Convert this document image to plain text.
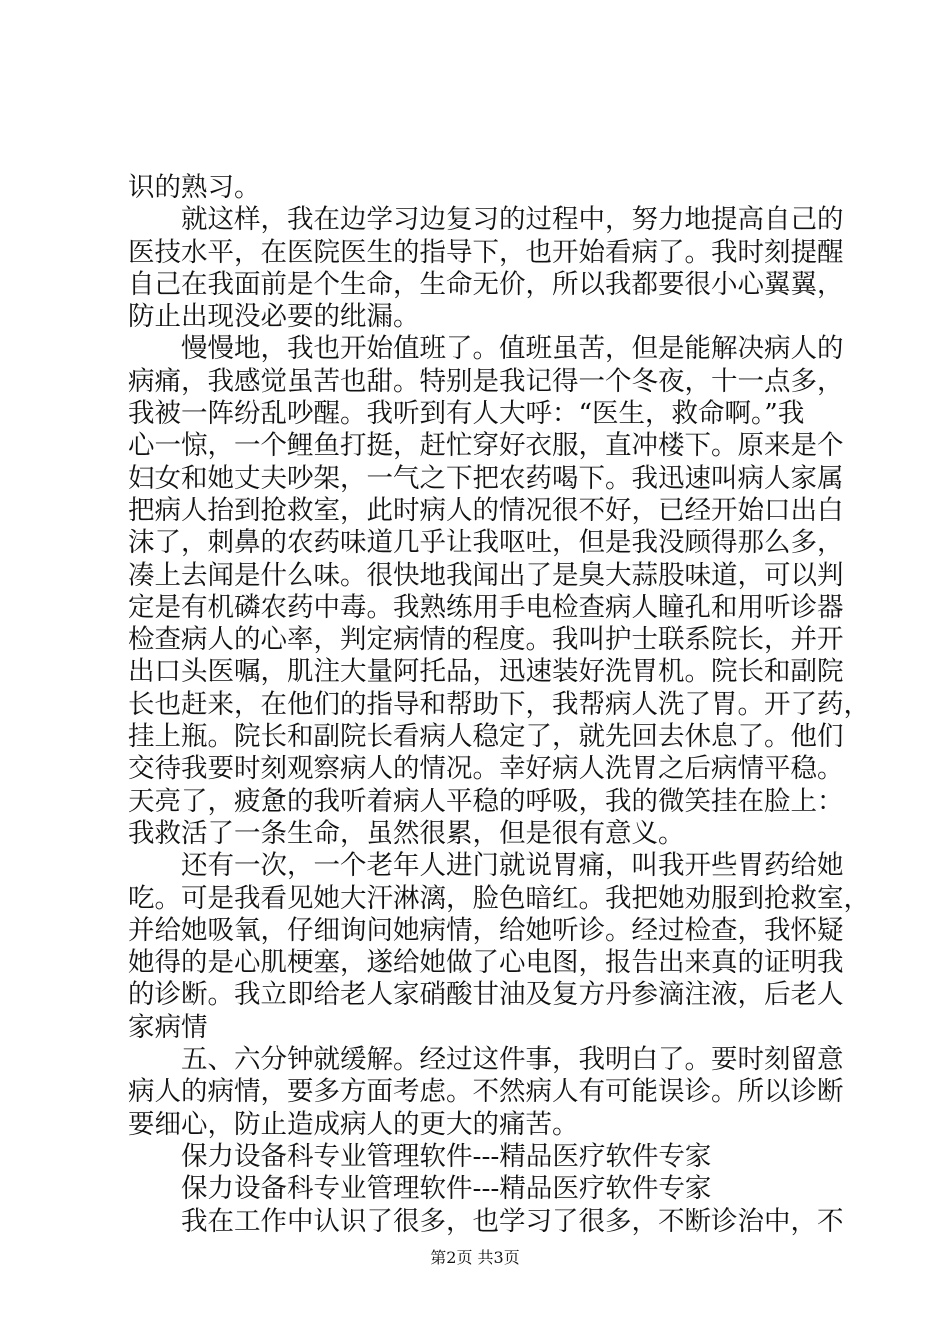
识的熟习。
就这样，我在边学习边复习的过程中，努力地提高自己的
医技水平，在医院医生的指导下，也开始看病了。我时刻提醒
自己在我面前是个生命，生命无价，所以我都要很小心翼翼，
防止出现没必要的纰漏。
慢慢地，我也开始值班了。值班虽苦，但是能解决病人的
病痛，我感觉虽苦也甜。特别是我记得一个冬夜，十一点多，
我被一阵纷乱吵醒。我听到有人大呼：“医生，救命啊。”我
心一惊，一个鲤鱼打挺，赶忙穿好衣服，直冲楼下。原来是个
妇女和她丈夫吵架，一气之下把农药喝下。我迅速叫病人家属
把病人抬到抢救室，此时病人的情况很不好，已经开始口出白
沫了，刺鼻的农药味道几乎让我呕吐，但是我没顾得那么多，
凑上去闻是什么味。很快地我闻出了是臭大蒜股味道，可以判
定是有机磷农药中毒。我熟练用手电检查病人瞳孔和用听诊器
检查病人的心率，判定病情的程度。我叫护士联系院长，并开
出口头医嘱，肌注大量阿托品，迅速装好洗胃机。院长和副院
长也赶来，在他们的指导和帮助下，我帮病人洗了胃。开了药，
挂上瓶。院长和副院长看病人稳定了，就先回去休息了。他们
交待我要时刻观察病人的情况。幸好病人洗胃之后病情平稳。
天亮了，疲惫的我听着病人平稳的呼吸，我的微笑挂在脸上：
我救活了一条生命，虽然很累，但是很有意义。
还有一次，一个老年人进门就说胃痛，叫我开些胃药给她
吃。可是我看见她大汗淋漓，脸色暗红。我把她劝服到抢救室，
并给她吸氧，仔细询问她病情，给她听诊。经过检查，我怀疑
她得的是心肌梗塞，遂给她做了心电图，报告出来真的证明我
的诊断。我立即给老人家硝酸甘油及复方丹参滴注液，后老人
家病情
五、六分钟就缓解。经过这件事，我明白了。要时刻留意
病人的病情，要多方面考虑。不然病人有可能误诊。所以诊断
要细心，防止造成病人的更大的痛苦。
保力设备科专业管理软件---精品医疗软件专家
保力设备科专业管理软件---精品医疗软件专家
我在工作中认识了很多，也学习了很多，不断诊治中，不
第2页 共3页
